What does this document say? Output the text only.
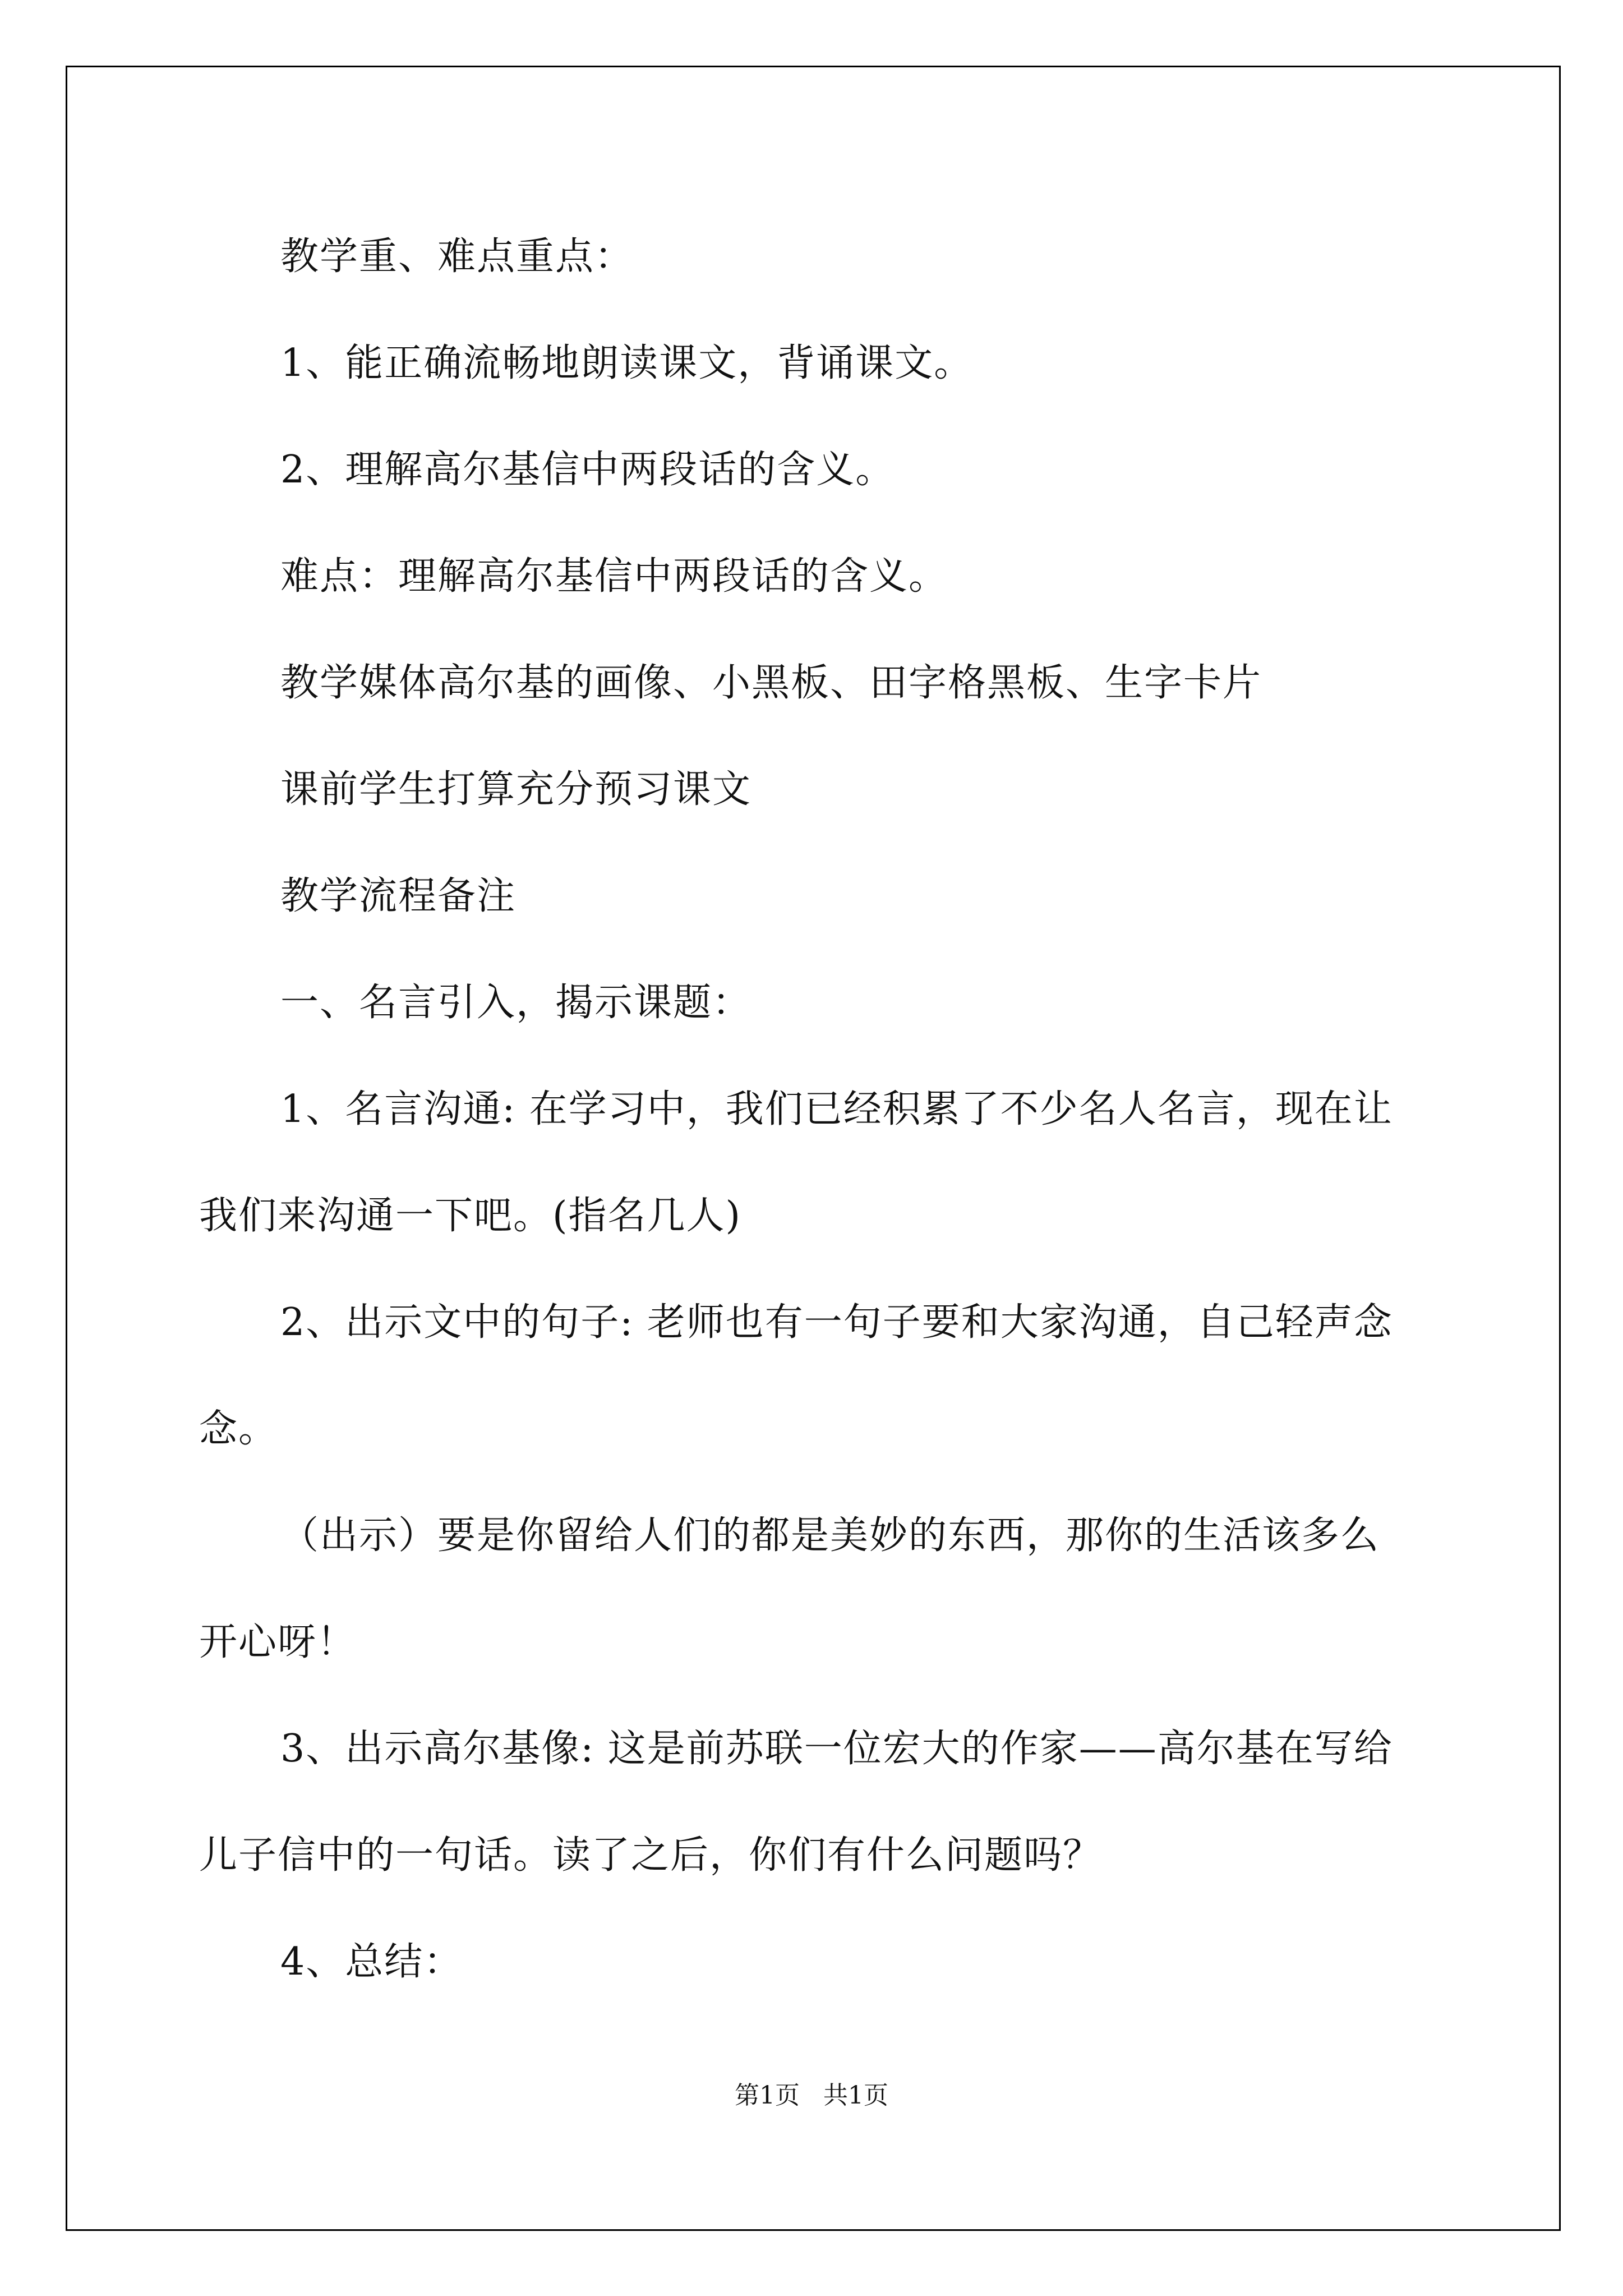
教学重、难点重点：
1、能正确流畅地朗读课文，背诵课文。
2、理解高尔基信中两段话的含义。
难点：理解高尔基信中两段话的含义。
教学媒体高尔基的画像、小黑板、田字格黑板、生字卡片
课前学生打算充分预习课文
教学流程备注
一、名言引入，揭示课题：
1、名言沟通: 在学习中，我们已经积累了不少名人名言，现在让
我们来沟通一下吧。(指名几人)
2、出示文中的句子: 老师也有一句子要和大家沟通，自己轻声念
念。
（出示）要是你留给人们的都是美妙的东西，那你的生活该多么
开心呀！
3、出示高尔基像: 这是前苏联一位宏大的作家——高尔基在写给
儿子信中的一句话。读了之后，你们有什么问题吗？
4、总结：
第1页   共1页
